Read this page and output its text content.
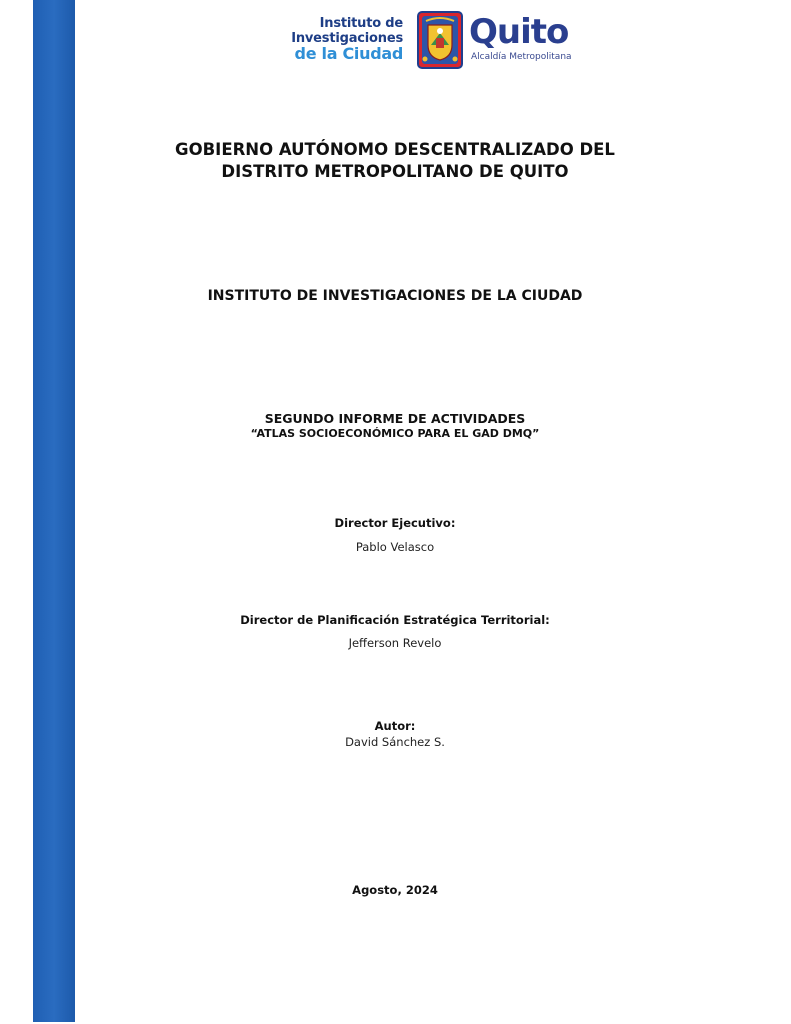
Instituto de
Investigaciones
de la Ciudad
Quito
Alcaldía Metropolitana
GOBIERNO AUTÓNOMO DESCENTRALIZADO DEL
DISTRITO METROPOLITANO DE QUITO
INSTITUTO DE INVESTIGACIONES DE LA CIUDAD
SEGUNDO INFORME DE ACTIVIDADES
“ATLAS SOCIOECONÓMICO PARA EL GAD DMQ”
Director Ejecutivo:
Pablo Velasco
Director de Planificación Estratégica Territorial:
Jefferson Revelo
Autor:
David Sánchez S.
Agosto, 2024
